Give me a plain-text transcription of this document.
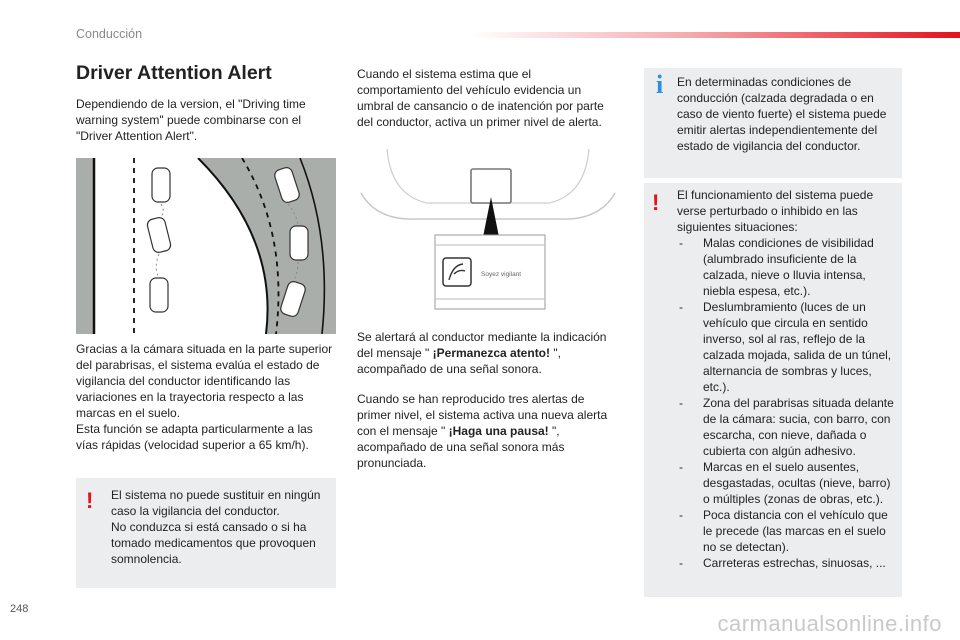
Conducción
Driver Attention Alert

Dependiendo de la version, el "Driving time warning system" puede combinarse con el "Driver Attention Alert".

Gracias a la cámara situada en la parte superior del parabrisas, el sistema evalúa el estado de vigilancia del conductor identificando las variaciones en la trayectoria respecto a las marcas en el suelo.
Esta función se adapta particularmente a las vías rápidas (velocidad superior a 65 km/h).

! El sistema no puede sustituir en ningún caso la vigilancia del conductor.

No conduzca si está cansado o si ha tomado medicamentos que provoquen somnolencia.

Cuando el sistema estima que el comportamiento del vehículo evidencia un umbral de cansancio o de inatención por parte del conductor, activa un primer nivel de alerta.

Soyez vigilant

Se alertará al conductor mediante la indicación del mensaje " ¡Permanezca atento! ", acompañado de una señal sonora.

Cuando se han reproducido tres alertas de primer nivel, el sistema activa una nueva alerta con el mensaje " ¡Haga una pausa! ", acompañado de una señal sonora más pronunciada.

i En determinadas condiciones de conducción (calzada degradada o en caso de viento fuerte) el sistema puede emitir alertas independientemente del estado de vigilancia del conductor.

! El funcionamiento del sistema puede verse perturbado o inhibido en las siguientes situaciones:

- Malas condiciones de visibilidad (alumbrado insuficiente de la calzada, nieve o lluvia intensa, niebla espesa, etc.).
- Deslumbramiento (luces de un vehículo que circula en sentido inverso, sol al ras, reflejo de la calzada mojada, salida de un túnel, alternancia de sombras y luces, etc.).
- Zona del parabrisas situada delante de la cámara: sucia, con barro, con escarcha, con nieve, dañada o cubierta con algún adhesivo.
- Marcas en el suelo ausentes, desgastadas, ocultas (nieve, barro) o múltiples (zonas de obras, etc.).
- Poca distancia con el vehículo que le precede (las marcas en el suelo no se detectan).
- Carreteras estrechas, sinuosas, ...
248
carmanualsonline.info
